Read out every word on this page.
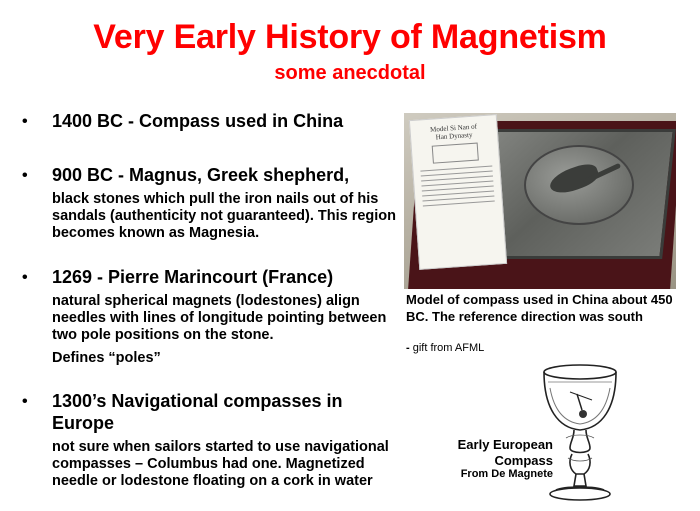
Very Early History of Magnetism
some anecdotal
• 1400 BC - Compass used in China
• 900 BC - Magnus, Greek shepherd,
black stones which pull the iron nails out of his sandals (authenticity not guaranteed). This region becomes known as Magnesia.
• 1269 - Pierre Marincourt (France)
natural spherical magnets (lodestones) align needles with lines of longitude pointing between two pole positions on the stone.
Defines “poles”
• 1300’s Navigational compasses in Europe
not sure when sailors started to use navigational compasses – Columbus had one. Magnetized needle or lodestone floating on a cork in water
Model Si Nan of
Han Dynasty
Model of compass used in China about 450 BC. The reference direction was south
- gift from AFML
Early European
Compass
From De Magnete
